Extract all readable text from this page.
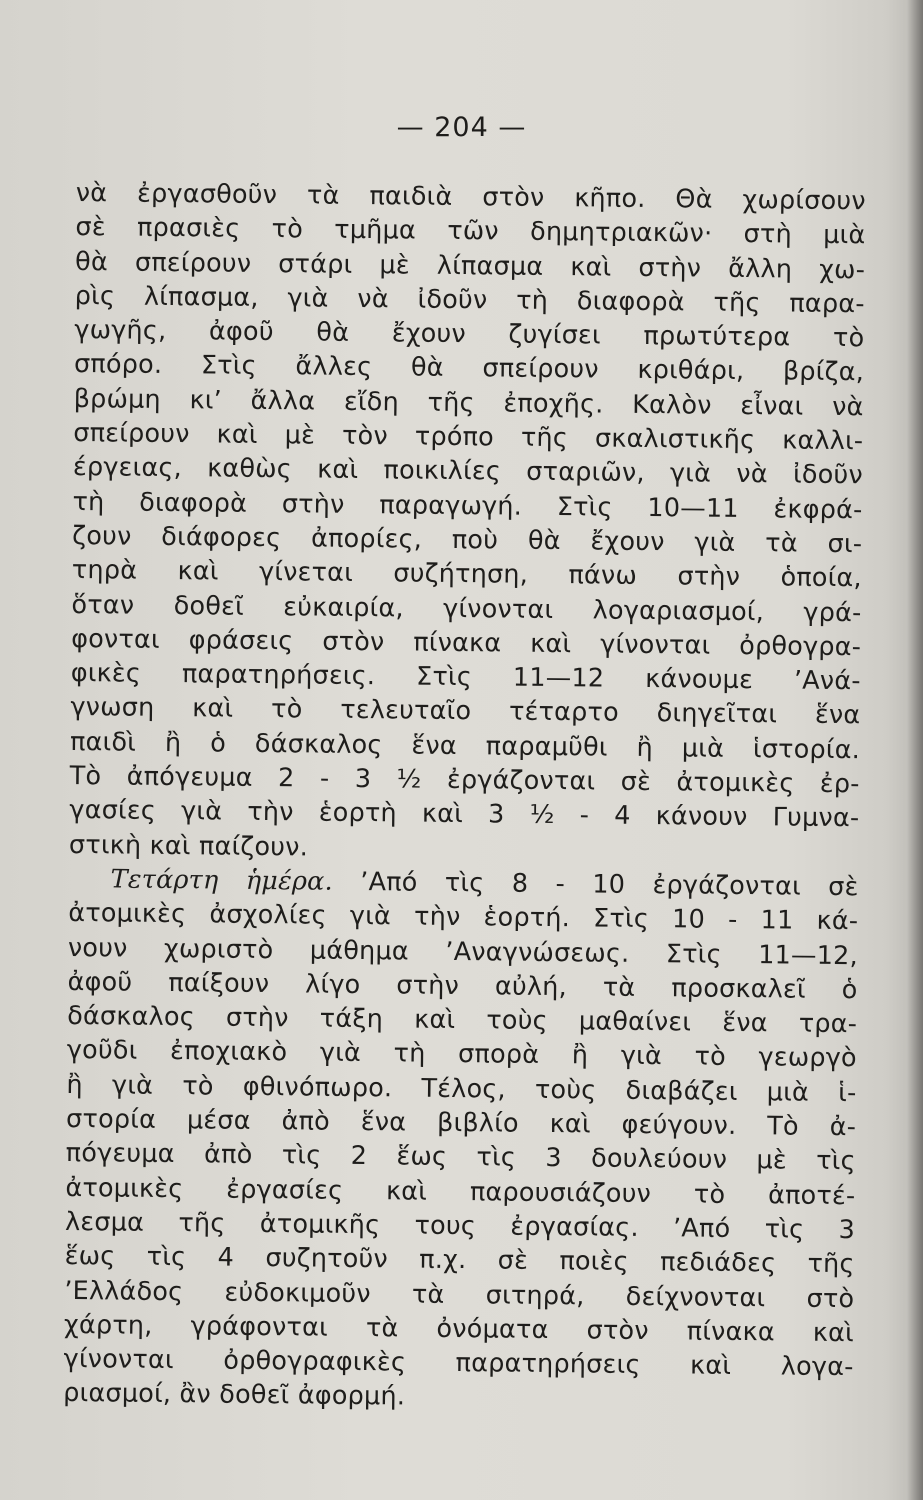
— 204 —
νὰ ἐργασθοῦν τὰ παιδιὰ στὸν κῆπο. Θὰ χωρίσουν
σὲ πρασιὲς τὸ τμῆμα τῶν δημητριακῶν· στὴ μιὰ
θὰ σπείρουν στάρι μὲ λίπασμα καὶ στὴν ἄλλη χω-
ρὶς λίπασμα, γιὰ νὰ ἰδοῦν τὴ διαφορὰ τῆς παρα-
γωγῆς, ἀφοῦ θὰ ἔχουν ζυγίσει πρωτύτερα τὸ
σπόρο. Στὶς ἄλλες θὰ σπείρουν κριθάρι, βρίζα,
βρώμη κι’ ἄλλα εἴδη τῆς ἐποχῆς. Καλὸν εἶναι νὰ
σπείρουν καὶ μὲ τὸν τρόπο τῆς σκαλιστικῆς καλλι-
έργειας, καθὼς καὶ ποικιλίες σταριῶν, γιὰ νὰ ἰδοῦν
τὴ διαφορὰ στὴν παραγωγή. Στὶς 10—11 ἐκφρά-
ζουν διάφορες ἀπορίες, ποὺ θὰ ἔχουν γιὰ τὰ σι-
τηρὰ καὶ γίνεται συζήτηση, πάνω στὴν ὁποία,
ὅταν δοθεῖ εὐκαιρία, γίνονται λογαριασμοί, γρά-
φονται φράσεις στὸν πίνακα καὶ γίνονται ὀρθογρα-
φικὲς παρατηρήσεις. Στὶς 11—12 κάνουμε ’Ανά-
γνωση καὶ τὸ τελευταῖο τέταρτο διηγεῖται ἕνα
παιδὶ ἢ ὁ δάσκαλος ἕνα παραμῦθι ἢ μιὰ ἱστορία.
Τὸ ἀπόγευμα 2 - 3 ½ ἐργάζονται σὲ ἀτομικὲς ἐρ-
γασίες γιὰ τὴν ἑορτὴ καὶ 3 ½ - 4 κάνουν Γυμνα-
στικὴ καὶ παίζουν.
Τετάρτη ἡμέρα. ’Από τὶς 8 - 10 ἐργάζονται σὲ
ἀτομικὲς ἀσχολίες γιὰ τὴν ἑορτή. Στὶς 10 - 11 κά-
νουν χωριστὸ μάθημα ’Αναγνώσεως. Στὶς 11—12,
ἀφοῦ παίξουν λίγο στὴν αὐλή, τὰ προσκαλεῖ ὁ
δάσκαλος στὴν τάξη καὶ τοὺς μαθαίνει ἕνα τρα-
γοῦδι ἐποχιακὸ γιὰ τὴ σπορὰ ἢ γιὰ τὸ γεωργὸ
ἢ γιὰ τὸ φθινόπωρο. Τέλος, τοὺς διαβάζει μιὰ ἱ-
στορία μέσα ἀπὸ ἕνα βιβλίο καὶ φεύγουν. Τὸ ἀ-
πόγευμα ἀπὸ τὶς 2 ἕως τὶς 3 δουλεύουν μὲ τὶς
ἀτομικὲς ἐργασίες καὶ παρουσιάζουν τὸ ἀποτέ-
λεσμα τῆς ἀτομικῆς τους ἐργασίας. ’Από τὶς 3
ἕως τὶς 4 συζητοῦν π.χ. σὲ ποιὲς πεδιάδες τῆς
’Ελλάδος εὐδοκιμοῦν τὰ σιτηρά, δείχνονται στὸ
χάρτη, γράφονται τὰ ὀνόματα στὸν πίνακα καὶ
γίνονται ὀρθογραφικὲς παρατηρήσεις καὶ λογα-
ριασμοί, ἂν δοθεῖ ἀφορμή.
